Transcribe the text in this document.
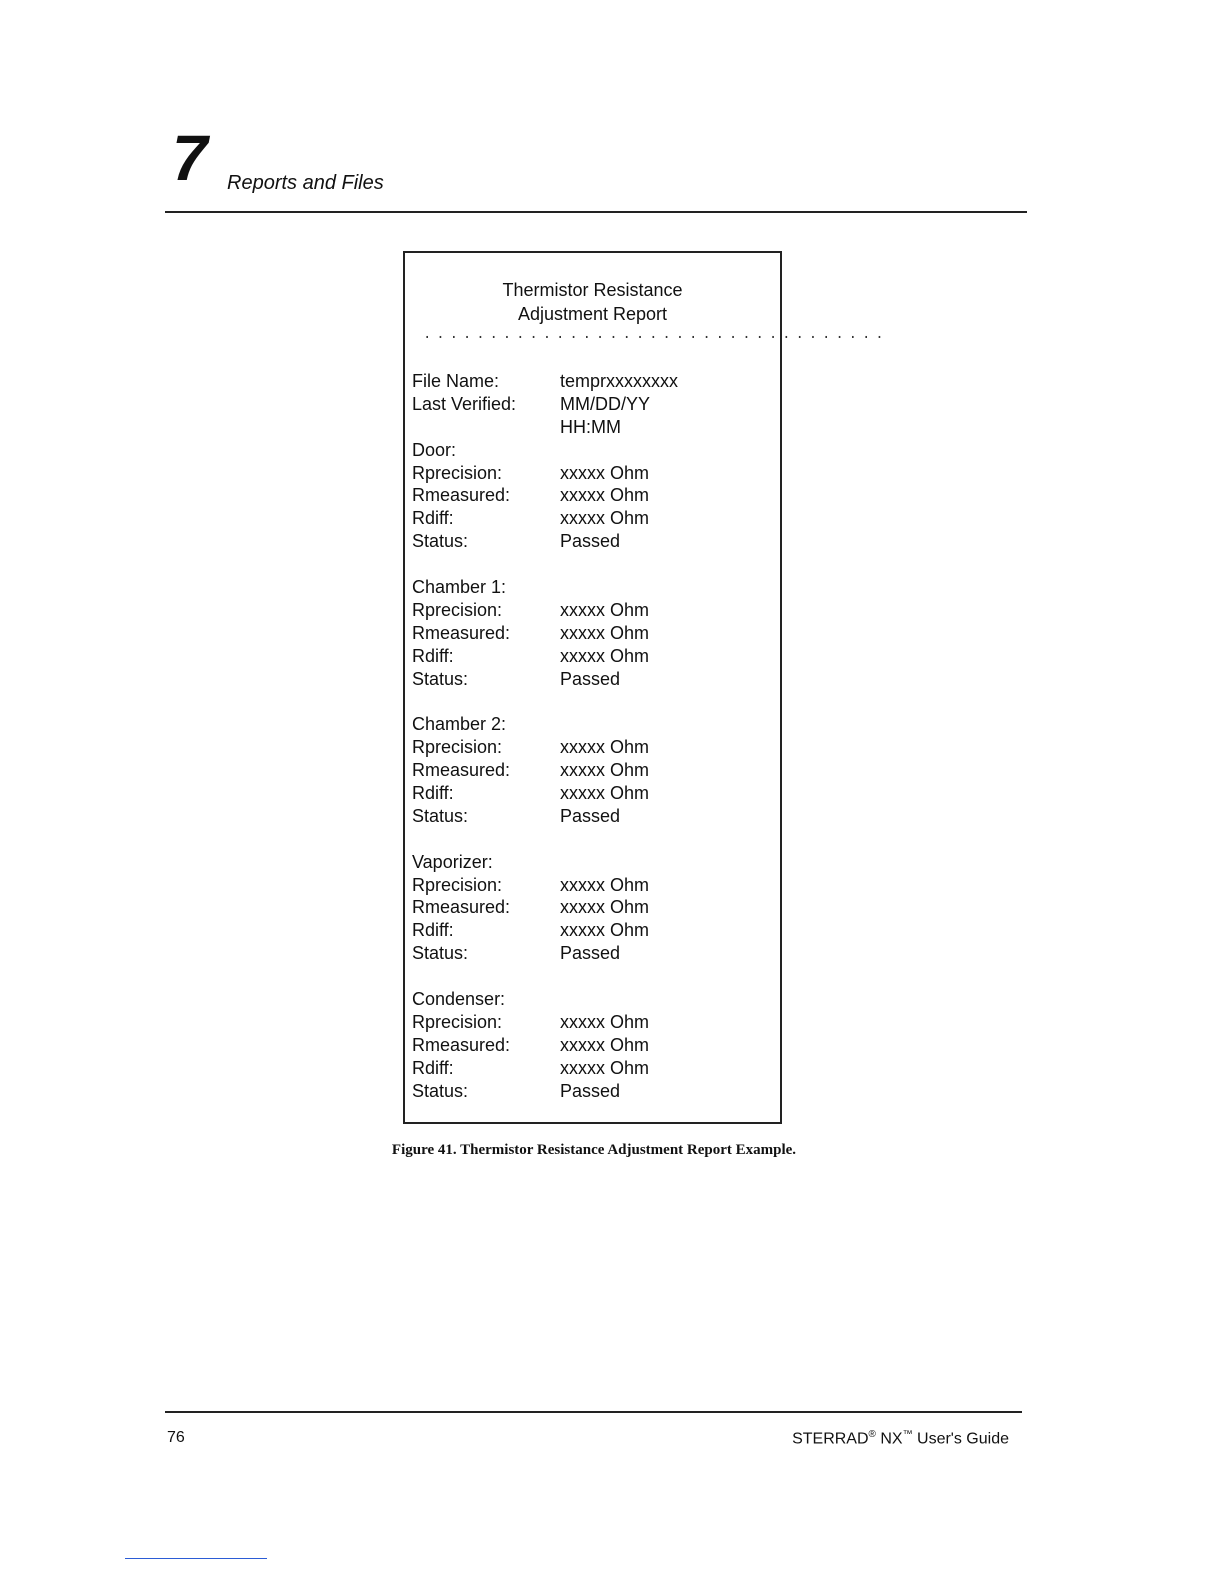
7 Reports and Files
Thermistor Resistance
Adjustment Report
...................................
File Name:	temprxxxxxxxx
Last Verified:	MM/DD/YY
HH:MM
Door:
Rprecision:	xxxxx Ohm
Rmeasured:	xxxxx Ohm
Rdiff:	xxxxx Ohm
Status:	Passed
Chamber 1:
Rprecision:	xxxxx Ohm
Rmeasured:	xxxxx Ohm
Rdiff:	xxxxx Ohm
Status:	Passed
Chamber 2:
Rprecision:	xxxxx Ohm
Rmeasured:	xxxxx Ohm
Rdiff:	xxxxx Ohm
Status:	Passed
Vaporizer:
Rprecision:	xxxxx Ohm
Rmeasured:	xxxxx Ohm
Rdiff:	xxxxx Ohm
Status:	Passed
Condenser:
Rprecision:	xxxxx Ohm
Rmeasured:	xxxxx Ohm
Rdiff:	xxxxx Ohm
Status:	Passed
Figure 41. Thermistor Resistance Adjustment Report Example.
76	STERRAD® NX™ User's Guide
